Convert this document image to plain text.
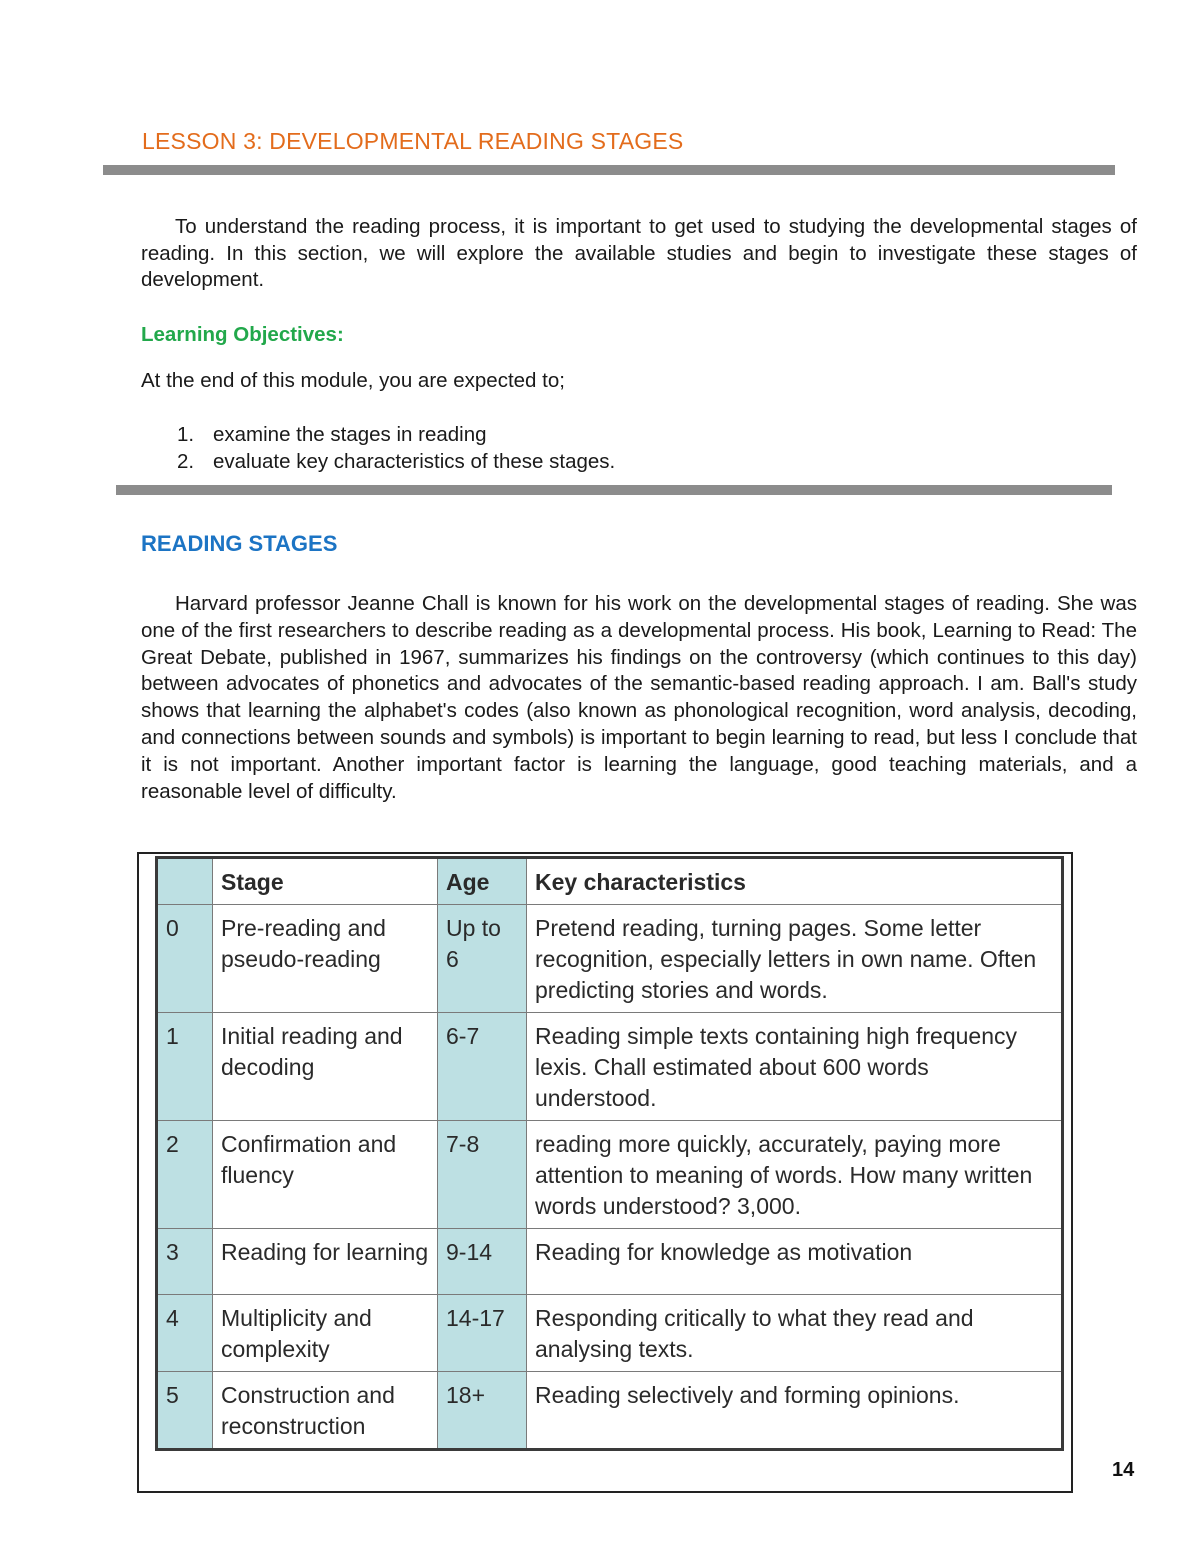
LESSON 3: DEVELOPMENTAL READING STAGES
To understand the reading process, it is important to get used to studying the developmental stages of reading. In this section, we will explore the available studies and begin to investigate these stages of development.
Learning Objectives:
At the end of this module, you are expected to;
1. examine the stages in reading
2. evaluate key characteristics of these stages.
READING STAGES
Harvard professor Jeanne Chall is known for his work on the developmental stages of reading. She was one of the first researchers to describe reading as a developmental process. His book, Learning to Read: The Great Debate, published in 1967, summarizes his findings on the controversy (which continues to this day) between advocates of phonetics and advocates of the semantic-based reading approach. I am. Ball's study shows that learning the alphabet's codes (also known as phonological recognition, word analysis, decoding, and connections between sounds and symbols) is important to begin learning to read, but less I conclude that it is not important. Another important factor is learning the language, good teaching materials, and a reasonable level of difficulty.
	Stage	Age	Key characteristics
0	Pre-reading and pseudo-reading	Up to 6	Pretend reading, turning pages. Some letter recognition, especially letters in own name. Often predicting stories and words.
1	Initial reading and decoding	6-7	Reading simple texts containing high frequency lexis. Chall estimated about 600 words understood.
2	Confirmation and fluency	7-8	reading more quickly, accurately, paying more attention to meaning of words. How many written words understood? 3,000.
3	Reading for learning	9-14	Reading for knowledge as motivation
4	Multiplicity and complexity	14-17	Responding critically to what they read and analysing texts.
5	Construction and reconstruction	18+	Reading selectively and forming opinions.
14
